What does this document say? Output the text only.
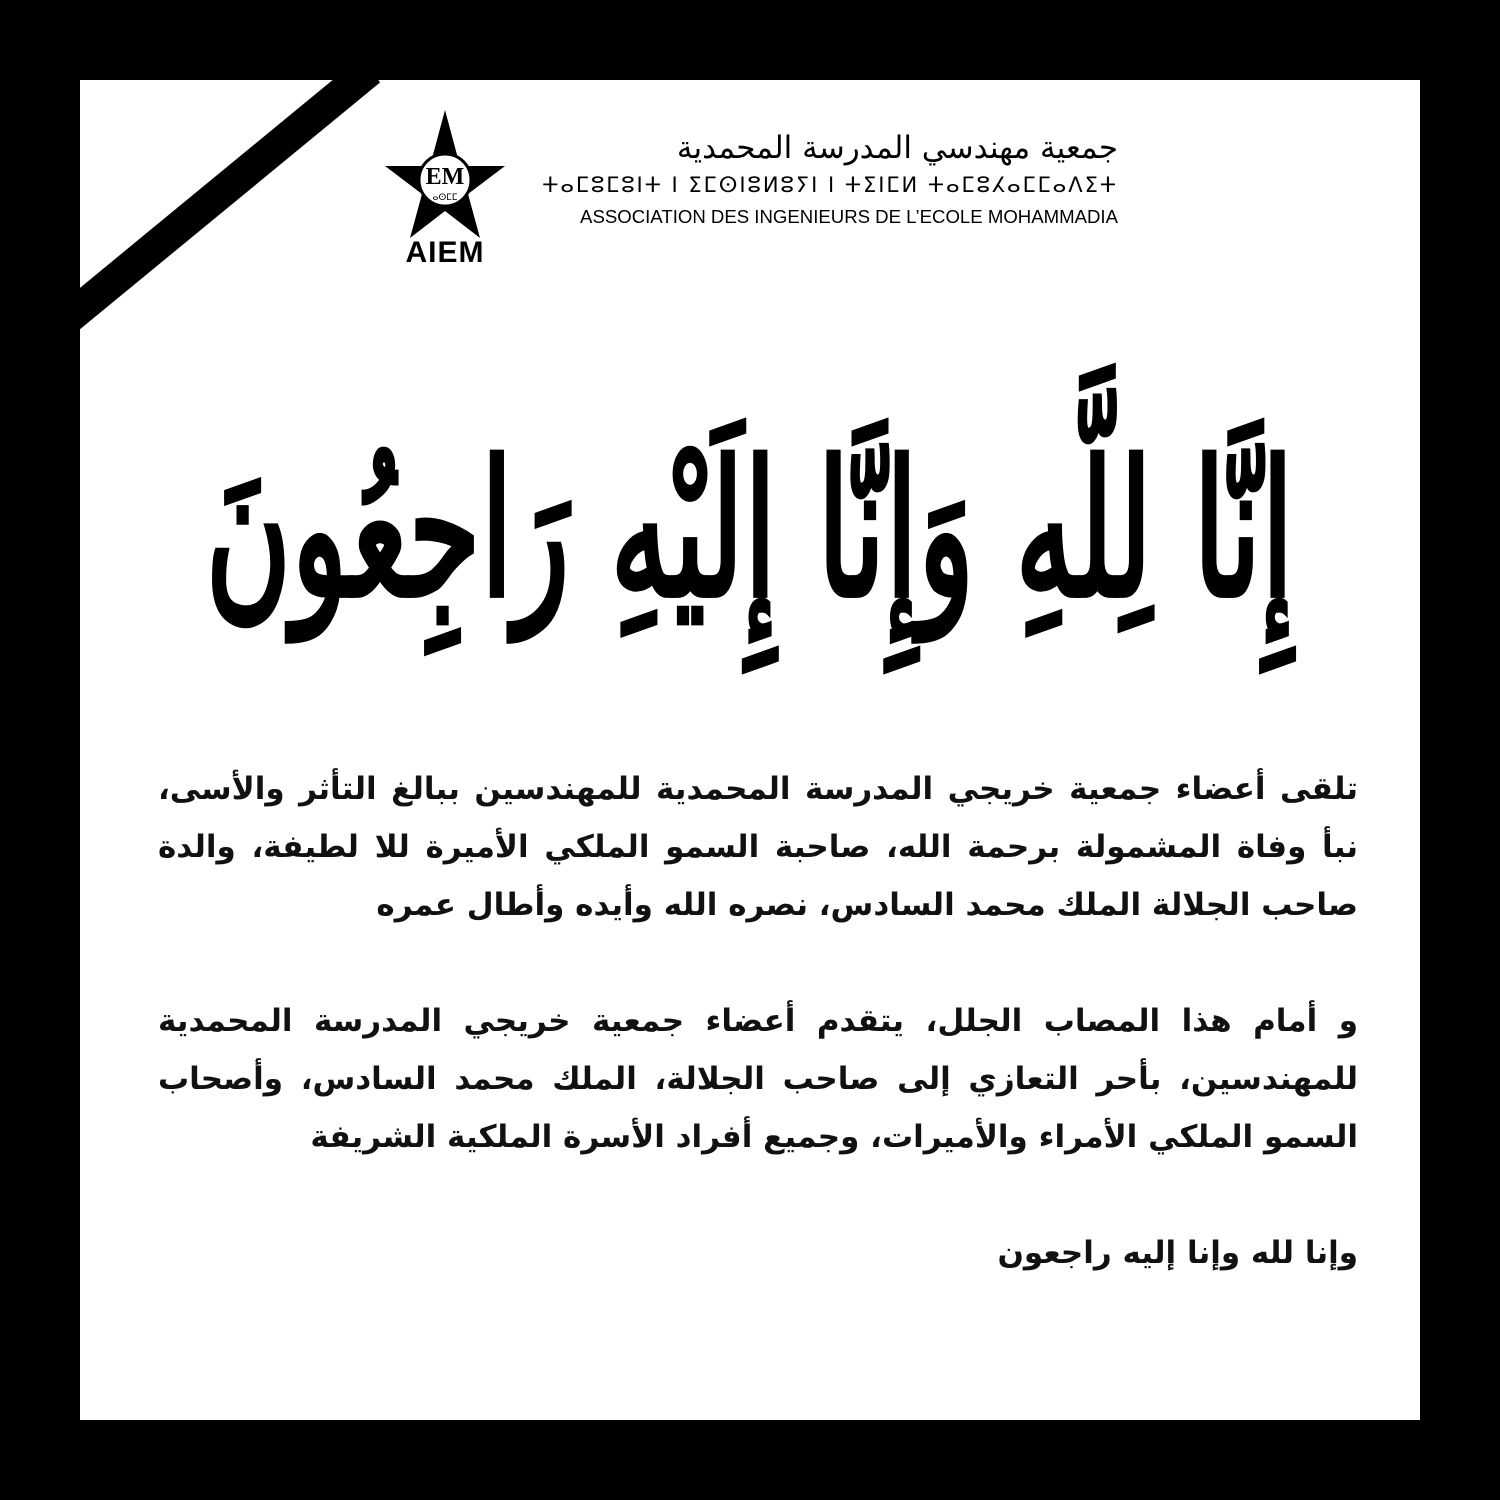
EM
ⴰⵙⵎⵎ
AIEM
جمعية مهندسي المدرسة المحمدية
ⵜⴰⵎⵓⵎⵓⵏⵜ ⵏ ⵉⵎⵙⵏⵓⵍⵓⵢⵏ ⵏ ⵜⵉⵏⵎⵍ ⵜⴰⵎⵓⵃⴰⵎⵎⴰⴷⵉⵜ
ASSOCIATION DES INGENIEURS DE L’ECOLE MOHAMMADIA
إِنَّا لِلَّهِ وَإِنَّا إِلَيْهِ رَاجِعُونَ

تلقى أعضاء جمعية خريجي المدرسة المحمدية للمهندسين ببالغ التأثر والأسى، نبأ وفاة المشمولة برحمة الله، صاحبة السمو الملكي الأميرة للا لطيفة، والدة صاحب الجلالة الملك محمد السادس، نصره الله وأيده وأطال عمره

و أمام هذا المصاب الجلل، يتقدم أعضاء جمعية خريجي المدرسة المحمدية للمهندسين، بأحر التعازي إلى صاحب الجلالة، الملك محمد السادس، وأصحاب السمو الملكي الأمراء والأميرات، وجميع أفراد الأسرة الملكية الشريفة

وإنا لله وإنا إليه راجعون
